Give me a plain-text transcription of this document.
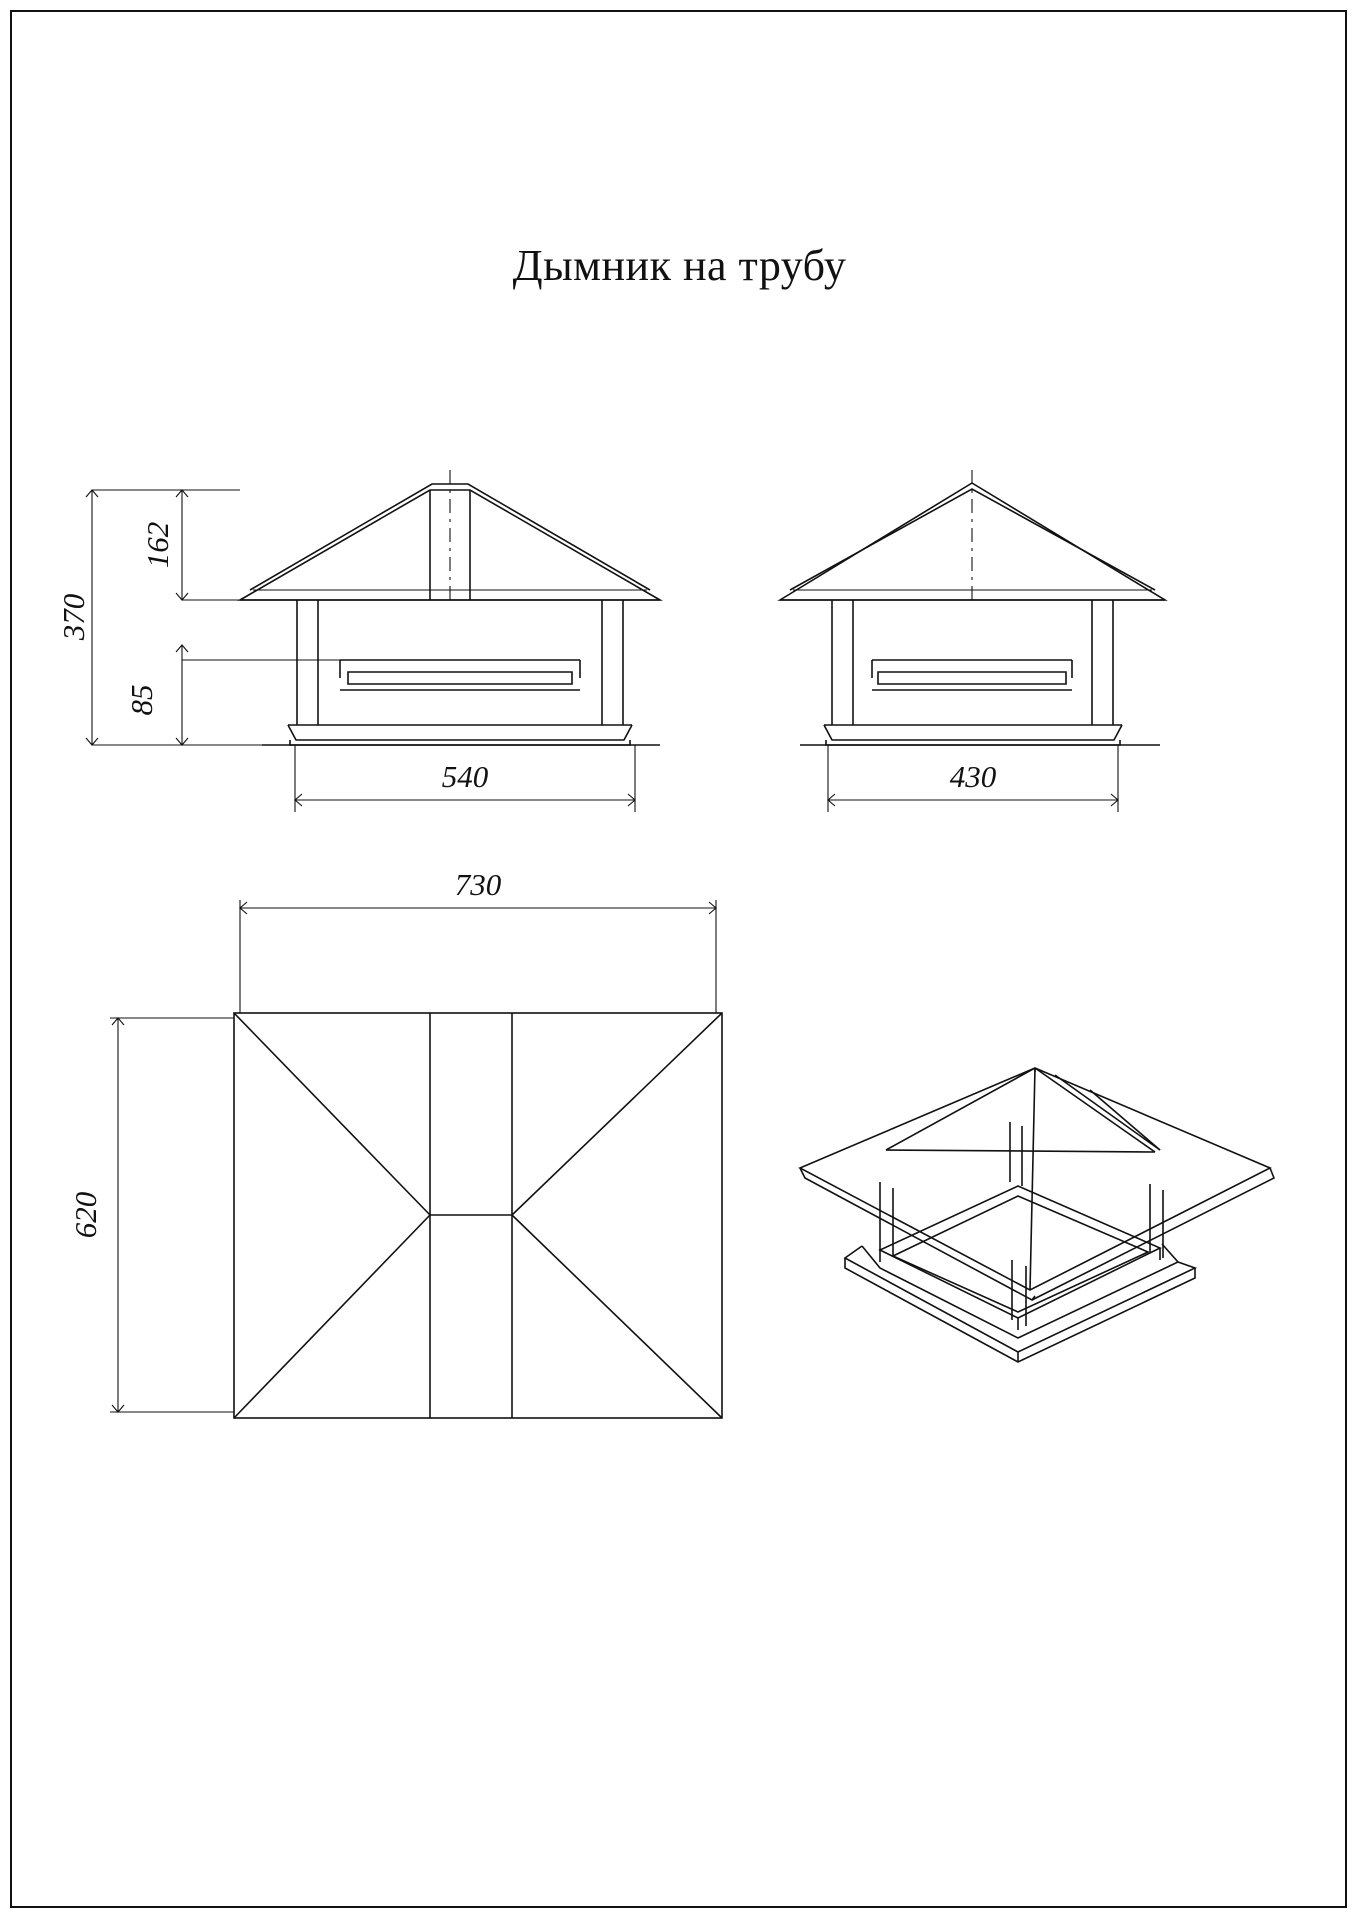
Дымник на трубу
370
162
85
540	430
730
620
